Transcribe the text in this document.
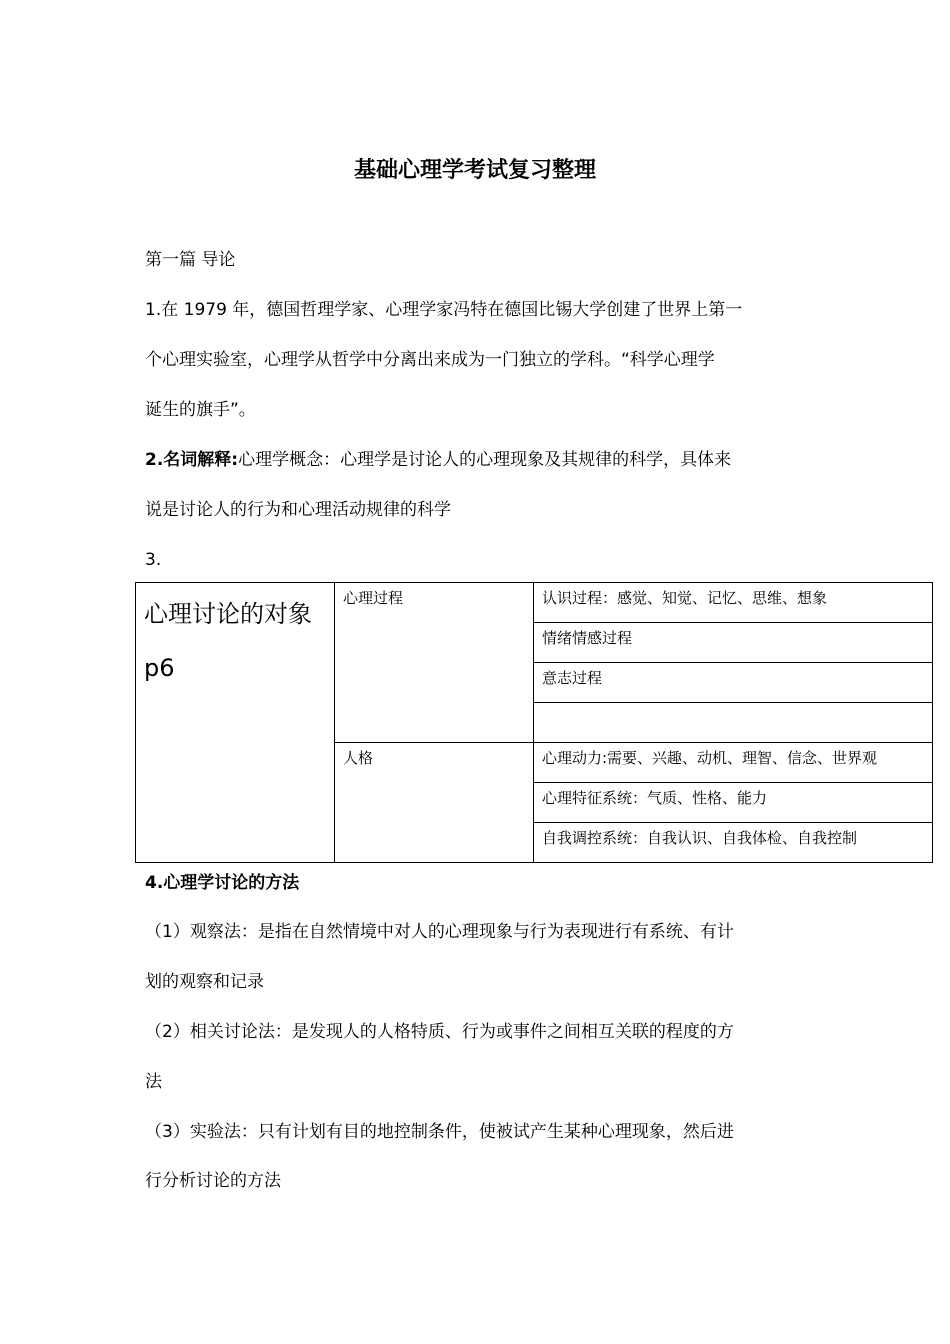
基础心理学考试复习整理
第一篇 导论
1.在 1979 年，德国哲理学家、心理学家冯特在德国比锡大学创建了世界上第一
个心理实验室，心理学从哲学中分离出来成为一门独立的学科。“科学心理学
诞生的旗手”。
2.名词解释:心理学概念：心理学是讨论人的心理现象及其规律的科学，具体来
说是讨论人的行为和心理活动规律的科学
3.
心理讨论的对象 p6	心理过程	认识过程：感觉、知觉、记忆、思维、想象
		情绪情感过程
		意志过程

	人格	心理动力:需要、兴趣、动机、理智、信念、世界观
		心理特征系统：气质、性格、能力
		自我调控系统：自我认识、自我体检、自我控制
4.心理学讨论的方法
（1）观察法：是指在自然情境中对人的心理现象与行为表现进行有系统、有计
划的观察和记录
（2）相关讨论法：是发现人的人格特质、行为或事件之间相互关联的程度的方
法
（3）实验法：只有计划有目的地控制条件，使被试产生某种心理现象，然后进
行分析讨论的方法
